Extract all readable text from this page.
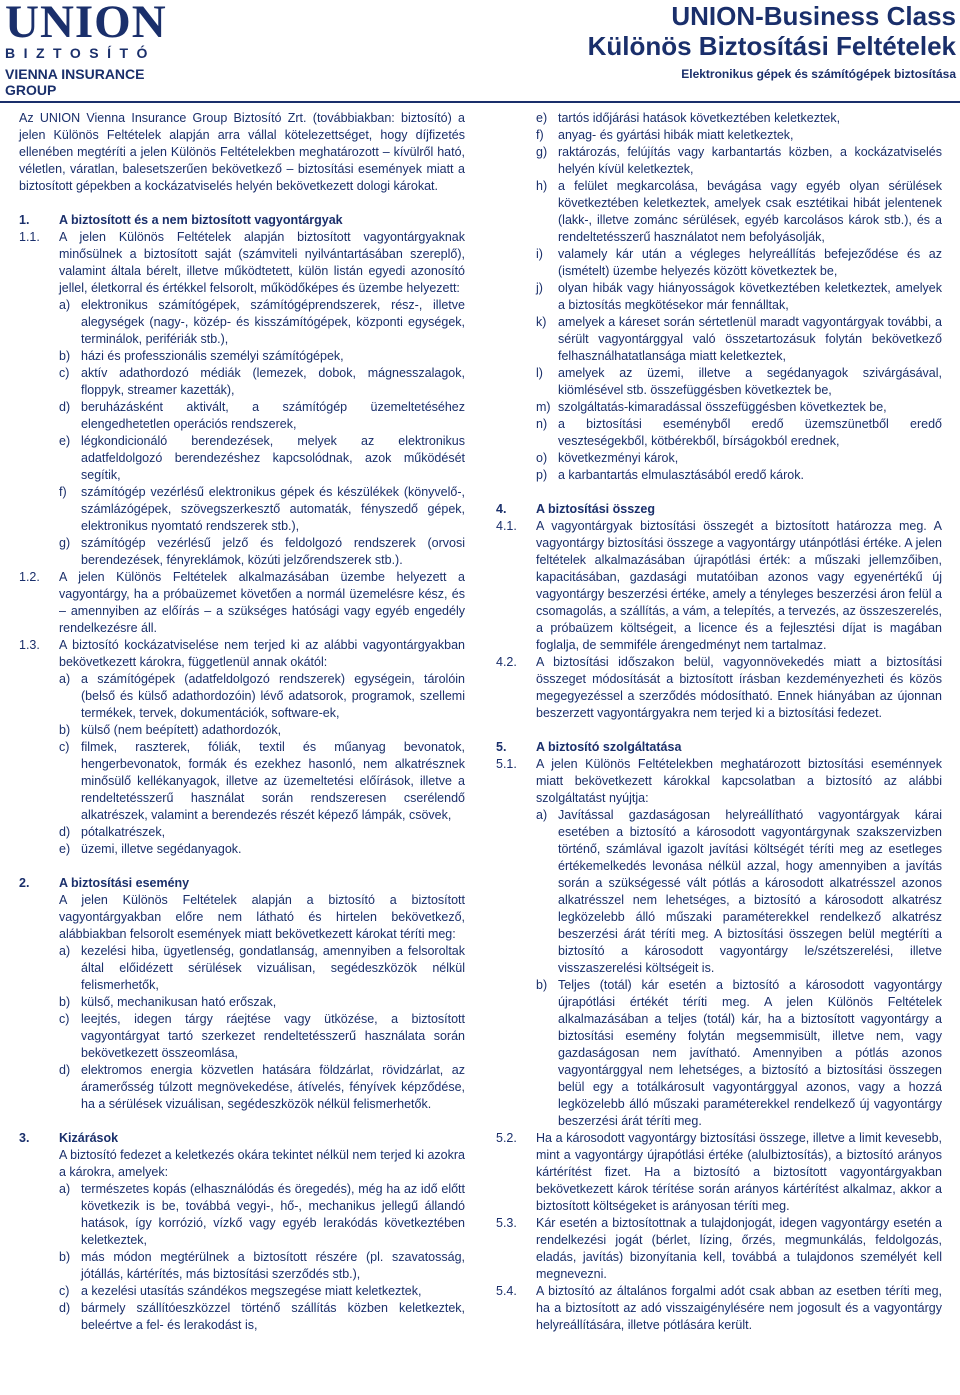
UNION
BIZTOSÍTÓ
VIENNA INSURANCE GROUP
UNION-Business Class
Különös Biztosítási Feltételek
Elektronikus gépek és számítógépek biztosítása

Az UNION Vienna Insurance Group Biztosító Zrt. (továbbiakban: biztosító) a jelen Különös Feltételek alapján arra vállal kötelezettséget, hogy díjfizetés ellenében megtéríti a jelen Különös Feltételekben meghatározott – kívülről ható, véletlen, váratlan, balesetszerűen bekövetkező – biztosítási események miatt a biztosított gépekben a kockázatviselés helyén bekövetkezett dologi károkat.

1.	A biztosított és a nem biztosított vagyontárgyak
1.1.	A jelen Különös Feltételek alapján biztosított vagyontárgyaknak minősülnek a biztosított saját (számviteli nyilvántartásában szereplő), valamint általa bérelt, illetve működtetett, külön listán egyedi azonosító jellel, életkorral és értékkel felsorolt, működőképes és üzembe helyezett:
a) elektronikus számítógépek, számítógéprendszerek, rész-, illetve alegységek (nagy-, közép- és kisszámítógépek, központi egységek, terminálok, perifériák stb.),
b) házi és professzionális személyi számítógépek,
c) aktív adathordozó médiák (lemezek, dobok, mágnesszalagok, floppyk, streamer kazetták),
d) beruházásként aktivált, a számítógép üzemeltetéséhez elengedhetetlen operációs rendszerek,
e) légkondicionáló berendezések, melyek az elektronikus adatfeldolgozó berendezéshez kapcsolódnak, azok működését segítik,
f)	számítógép vezérlésű elektronikus gépek és készülékek (könyvelő-, számlázógépek, szövegszerkesztő automaták, fényszedő gépek, elektronikus nyomtató rendszerek stb.),
g) számítógép vezérlésű jelző és feldolgozó rendszerek (orvosi berendezések, fényreklámok, közúti jelzőrendszerek stb.).
1.2.	A jelen Különös Feltételek alkalmazásában üzembe helyezett a vagyontárgy, ha a próbaüzemet követően a normál üzemelésre kész, és – amennyiben az előírás – a szükséges hatósági vagy egyéb engedély rendelkezésre áll.
1.3.	A biztosító kockázatviselése nem terjed ki az alábbi vagyontárgyakban bekövetkezett károkra, függetlenül annak okától:
a) a számítógépek (adatfeldolgozó rendszerek) egységein, tárolóin (belső és külső adathordozóin) lévő adatsorok, programok, szellemi termékek, tervek, dokumentációk, software-ek,
b) külső (nem beépített) adathordozók,
c) filmek, raszterek, fóliák, textil és műanyag bevonatok, hengerbevonatok, formák és ezekhez hasonló, nem alkatrésznek minősülő kellékanyagok, illetve az üzemeltetési előírások, illetve a rendeltetésszerű használat során rendszeresen cserélendő alkatrészek, valamint a berendezés részét képező lámpák, csövek,
d) pótalkatrészek,
e) üzemi, illetve segédanyagok.
2.	A biztosítási esemény

A jelen Különös Feltételek alapján a biztosító a biztosított vagyontárgyakban előre nem látható és hirtelen bekövetkező, alábbiakban felsorolt események miatt bekövetkezett károkat téríti meg:

a) kezelési hiba, ügyetlenség, gondatlanság, amennyiben a felsoroltak által előidézett sérülések vizuálisan, segédeszközök nélkül felismerhetők,
b) külső, mechanikusan ható erőszak,
c) leejtés, idegen tárgy ráejtése vagy ütközése, a biztosított vagyontárgyat tartó szerkezet rendeltetésszerű használata során bekövetkezett összeomlása,
d) elektromos energia közvetlen hatására földzárlat, rövidzárlat, az áramerősség túlzott megnövekedése, átívelés, fényívek képződése, ha a sérülések vizuálisan, segédeszközök nélkül felismerhetők.
3.	Kizárások

A biztosító fedezet a keletkezés okára tekintet nélkül nem terjed ki azokra a károkra, amelyek:

a) természetes kopás (elhasználódás és öregedés), még ha az idő előtt következik is be, továbbá vegyi-, hő-, mechanikus jellegű állandó hatások, így korrózió, vízkő vagy egyéb lerakódás következtében keletkeztek,
b) más módon megtérülnek a biztosított részére (pl. szavatosság, jótállás, kártérítés, más biztosítási szerződés stb.),
c) a kezelési utasítás szándékos megszegése miatt keletkeztek,
d) bármely szállítóeszközzel történő szállítás közben keletkeztek, beleértve a fel- és lerakodást is,
e) tartós időjárási hatások következtében keletkeztek,
f)	anyag- és gyártási hibák miatt keletkeztek,
g) raktározás, felújítás vagy karbantartás közben, a kockázatviselés helyén kívül keletkeztek,
h) a felület megkarcolása, bevágása vagy egyéb olyan sérülések következtében keletkeztek, amelyek csak esztétikai hibát jelentenek (lakk-, illetve zománc sérülések, egyéb karcolásos károk stb.), és a rendeltetésszerű használatot nem befolyásolják,
i)	valamely kár után a végleges helyreállítás befejeződése és az (ismételt) üzembe helyezés között következtek be,
j)	olyan hibák vagy hiányosságok következtében keletkeztek, amelyek a biztosítás megkötésekor már fennálltak,
k) amelyek a káreset során sértetlenül maradt vagyontárgyak további, a sérült vagyontárggyal való összetartozásuk folytán bekövetkező felhasználhatatlansága miatt keletkeztek,
l)	amelyek az üzemi, illetve a segédanyagok szivárgásával, kiömlésével stb. összefüggésben következtek be,
m) szolgáltatás-kimaradással összefüggésben következtek be,
n) a biztosítási eseményből eredő üzemszünetből eredő veszteségekből, kötbérekből, bírságokból erednek,
o) következményi károk,
p) a karbantartás elmulasztásából eredő károk.
4.	A biztosítási összeg
4.1.	A vagyontárgyak biztosítási összegét a biztosított határozza meg. A vagyontárgy biztosítási összege a vagyontárgy utánpótlási értéke. A jelen feltételek alkalmazásában újrapótlási érték: a műszaki jellemzőiben, kapacitásában, gazdasági mutatóiban azonos vagy egyenértékű új vagyontárgy beszerzési értéke, amely a tényleges beszerzési áron felül a csomagolás, a szállítás, a vám, a telepítés, a tervezés, az összeszerelés, a próbaüzem költségeit, a licence és a fejlesztési díjat is magában foglalja, de semmiféle árengedményt nem tartalmaz.
4.2.	A biztosítási időszakon belül, vagyonnövekedés miatt a biztosítási összeget módosítását a biztosított írásban kezdeményezheti és közös megegyezéssel a szerződés módosítható. Ennek hiányában az újonnan beszerzett vagyontárgyakra nem terjed ki a biztosítási fedezet.
5.	A biztosító szolgáltatása
5.1.	A jelen Különös Feltételekben meghatározott biztosítási eseménnyek miatt bekövetkezett károkkal kapcsolatban a biztosító az alábbi szolgáltatást nyújtja:
a) Javítással gazdaságosan helyreállítható vagyontárgyak kárai esetében a biztosító a károsodott vagyontárgynak szakszervizben történő, számlával igazolt javítási költségét téríti meg az esetleges értékemelkedés levonása nélkül azzal, hogy amennyiben a javítás során a szükségessé vált pótlás a károsodott alkatrésszel azonos alkatrésszel nem lehetséges, a biztosító a károsodott alkatrész legközelebb álló műszaki paraméterekkel rendelkező alkatrész beszerzési árát téríti meg. A biztosítási összegen belül megtéríti a biztosító a károsodott vagyontárgy le/szétszerelési, illetve visszaszerelési költségeit is.
b) Teljes (totál) kár esetén a biztosító a károsodott vagyontárgy újrapótlási értékét téríti meg. A jelen Különös Feltételek alkalmazásában a teljes (totál) kár, ha a biztosított vagyontárgy a biztosítási esemény folytán megsemmisült, illetve nem, vagy gazdaságosan nem javítható. Amennyiben a pótlás azonos vagyontárggyal nem lehetséges, a biztosító a biztosítási összegen belül egy a totálkárosult vagyontárggyal azonos, vagy a hozzá legközelebb álló műszaki paraméterekkel rendelkező új vagyontárgy beszerzési árát téríti meg.
5.2.	Ha a károsodott vagyontárgy biztosítási összege, illetve a limit kevesebb, mint a vagyontárgy újrapótlási értéke (alulbiztosítás), a biztosító arányos kártérítést fizet. Ha a biztosító a biztosított vagyontárgyakban bekövetkezett károk térítése során arányos kártérítést alkalmaz, akkor a biztosított költségeket is arányosan téríti meg.
5.3.	Kár esetén a biztosítottnak a tulajdonjogát, idegen vagyontárgy esetén a rendelkezési jogát (bérlet, lízing, őrzés, megmunkálás, feldolgozás, eladás, javítás) bizonyítania kell, továbbá a tulajdonos személyét kell megnevezni.
5.4.	A biztosító az általános forgalmi adót csak abban az esetben téríti meg, ha a biztosított az adó visszaigénylésére nem jogosult és a vagyontárgy helyreállítására, illetve pótlására került.
